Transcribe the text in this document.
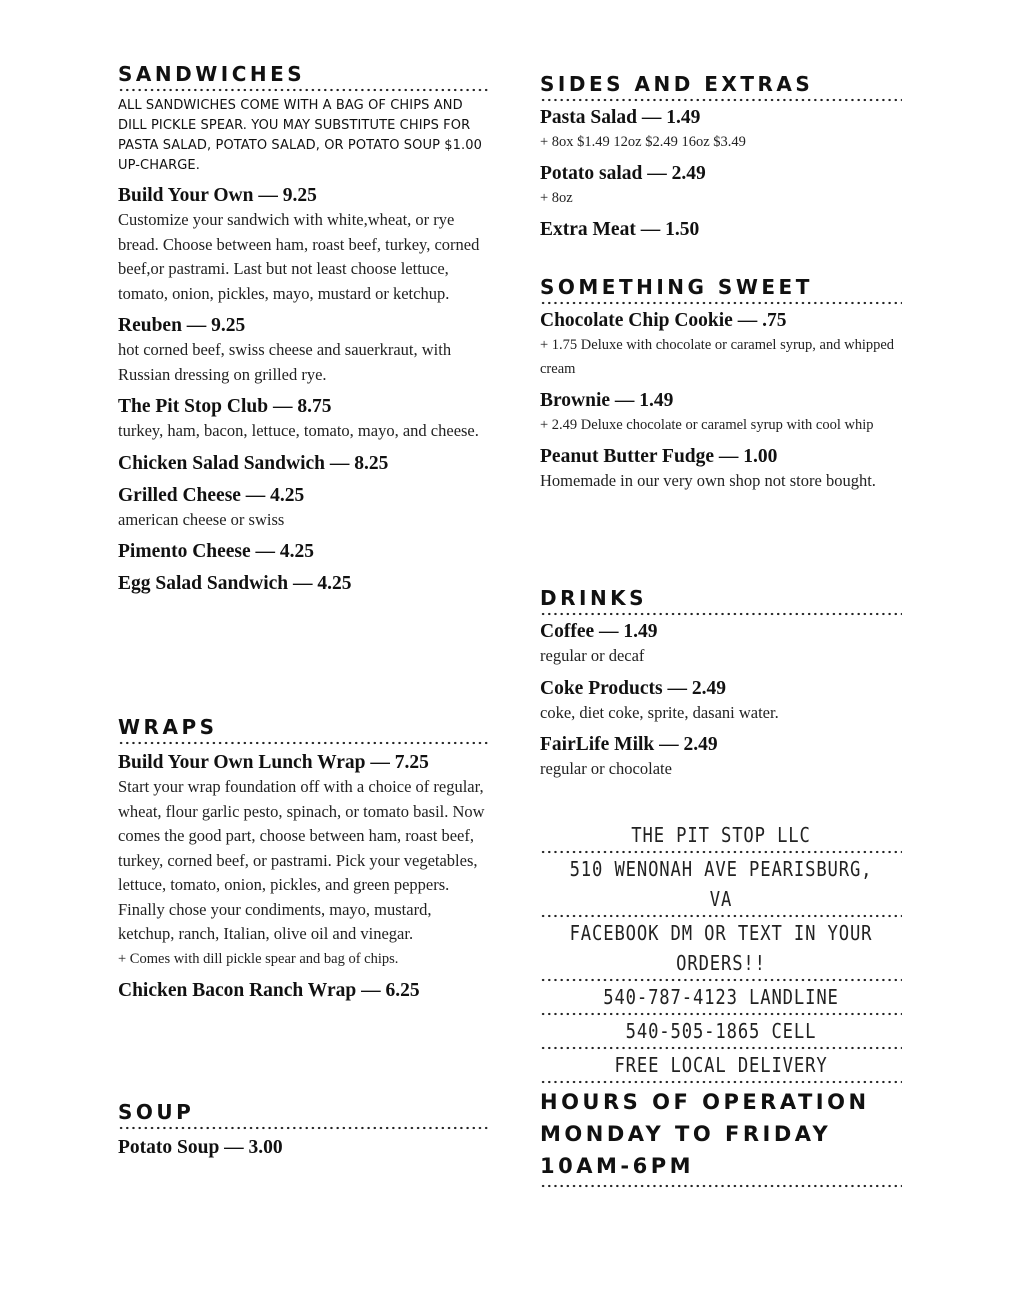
SANDWICHES
ALL SANDWICHES COME WITH A BAG OF CHIPS AND DILL PICKLE SPEAR. YOU MAY SUBSTITUTE CHIPS FOR PASTA SALAD, POTATO SALAD, OR POTATO SOUP $1.00 UP-CHARGE.
Build Your Own — 9.25
Customize your sandwich with white,wheat, or rye bread. Choose between ham, roast beef, turkey, corned beef,or pastrami. Last but not least choose lettuce, tomato, onion, pickles, mayo, mustard or ketchup.
Reuben — 9.25
hot corned beef, swiss cheese and sauerkraut, with Russian dressing on grilled rye.
The Pit Stop Club — 8.75
turkey, ham, bacon, lettuce, tomato, mayo, and cheese.
Chicken Salad Sandwich — 8.25
Grilled Cheese — 4.25
american cheese or swiss
Pimento Cheese — 4.25
Egg Salad Sandwich — 4.25
WRAPS
Build Your Own Lunch Wrap — 7.25
Start your wrap foundation off with a choice of regular, wheat, flour garlic pesto, spinach, or tomato basil. Now comes the good part, choose between ham, roast beef, turkey, corned beef, or pastrami. Pick your vegetables, lettuce, tomato, onion, pickles, and green peppers. Finally chose your condiments, mayo, mustard, ketchup, ranch, Italian, olive oil and vinegar.
+ Comes with dill pickle spear and bag of chips.
Chicken Bacon Ranch Wrap — 6.25
SOUP
Potato Soup — 3.00
SIDES AND EXTRAS
Pasta Salad — 1.49
+ 8ox $1.49 12oz $2.49 16oz $3.49
Potato salad — 2.49
+ 8oz
Extra Meat — 1.50
SOMETHING SWEET
Chocolate Chip Cookie — .75
+ 1.75 Deluxe with chocolate or caramel syrup, and whipped cream
Brownie — 1.49
+ 2.49 Deluxe chocolate or caramel syrup with cool whip
Peanut Butter Fudge — 1.00
Homemade in our very own shop not store bought.
DRINKS
Coffee — 1.49
regular or decaf
Coke Products — 2.49
coke, diet coke, sprite, dasani water.
FairLife Milk — 2.49
regular or chocolate
THE PIT STOP LLC
510 WENONAH AVE PEARISBURG,
VA
FACEBOOK DM OR TEXT IN YOUR
ORDERS!!
540-787-4123 LANDLINE
540-505-1865 CELL
FREE LOCAL DELIVERY
HOURS OF OPERATION
MONDAY TO FRIDAY
10AM-6PM
